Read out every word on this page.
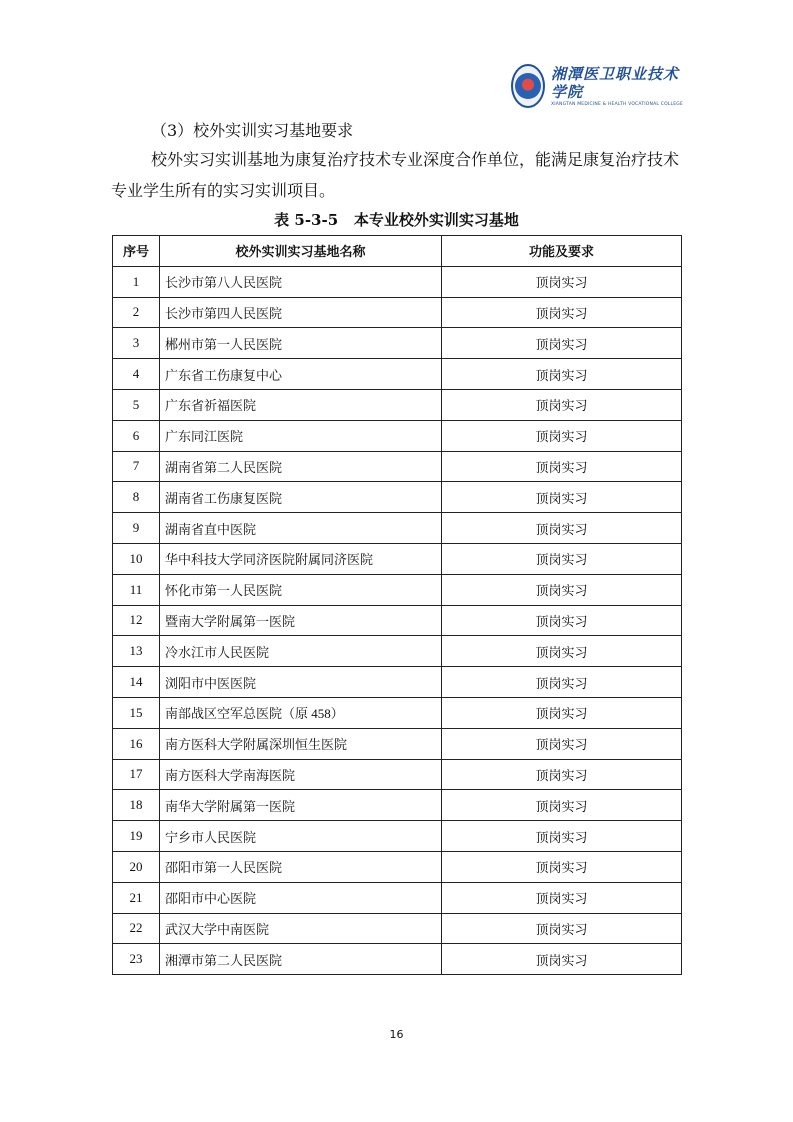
湘潭医卫职业技术学院
XIANGTAN MEDICINE & HEALTH VOCATIONAL COLLEGE
（3）校外实训实习基地要求
校外实习实训基地为康复治疗技术专业深度合作单位，能满足康复治疗技术
专业学生所有的实习实训项目。
表 5-3-5   本专业校外实训实习基地
序号	校外实训实习基地名称	功能及要求
1	长沙市第八人民医院	顶岗实习
2	长沙市第四人民医院	顶岗实习
3	郴州市第一人民医院	顶岗实习
4	广东省工伤康复中心	顶岗实习
5	广东省祈福医院	顶岗实习
6	广东同江医院	顶岗实习
7	湖南省第二人民医院	顶岗实习
8	湖南省工伤康复医院	顶岗实习
9	湖南省直中医院	顶岗实习
10	华中科技大学同济医院附属同济医院	顶岗实习
11	怀化市第一人民医院	顶岗实习
12	暨南大学附属第一医院	顶岗实习
13	冷水江市人民医院	顶岗实习
14	浏阳市中医医院	顶岗实习
15	南部战区空军总医院（原 458）	顶岗实习
16	南方医科大学附属深圳恒生医院	顶岗实习
17	南方医科大学南海医院	顶岗实习
18	南华大学附属第一医院	顶岗实习
19	宁乡市人民医院	顶岗实习
20	邵阳市第一人民医院	顶岗实习
21	邵阳市中心医院	顶岗实习
22	武汉大学中南医院	顶岗实习
23	湘潭市第二人民医院	顶岗实习
16
